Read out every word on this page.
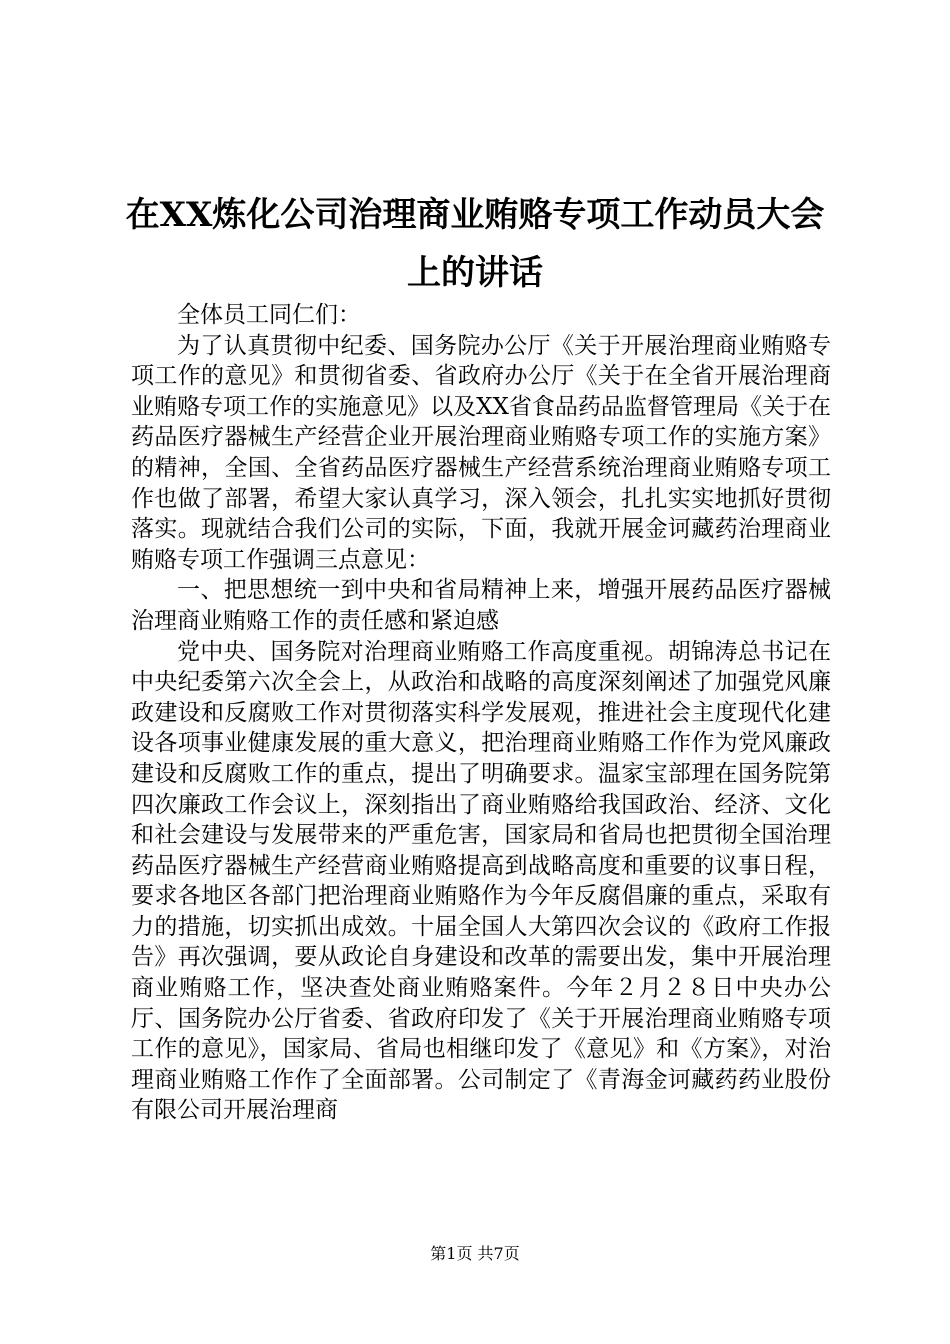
在XX炼化公司治理商业贿赂专项工作动员大会上的讲话

全体员工同仁们：

为了认真贯彻中纪委、国务院办公厅《关于开展治理商业贿赂专项工作的意见》和贯彻省委、省政府办公厅《关于在全省开展治理商业贿赂专项工作的实施意见》以及XX省食品药品监督管理局《关于在药品医疗器械生产经营企业开展治理商业贿赂专项工作的实施方案》的精神，全国、全省药品医疗器械生产经营系统治理商业贿赂专项工作也做了部署，希望大家认真学习，深入领会，扎扎实实地抓好贯彻落实。现就结合我们公司的实际，下面，我就开展金诃藏药治理商业贿赂专项工作强调三点意见：

一、把思想统一到中央和省局精神上来，增强开展药品医疗器械治理商业贿赂工作的责任感和紧迫感

党中央、国务院对治理商业贿赂工作高度重视。胡锦涛总书记在中央纪委第六次全会上，从政治和战略的高度深刻阐述了加强党风廉政建设和反腐败工作对贯彻落实科学发展观，推进社会主度现代化建设各项事业健康发展的重大意义，把治理商业贿赂工作作为党风廉政建设和反腐败工作的重点，提出了明确要求。温家宝部理在国务院第四次廉政工作会议上，深刻指出了商业贿赂给我国政治、经济、文化和社会建设与发展带来的严重危害，国家局和省局也把贯彻全国治理药品医疗器械生产经营商业贿赂提高到战略高度和重要的议事日程，要求各地区各部门把治理商业贿赂作为今年反腐倡廉的重点，采取有力的措施，切实抓出成效。十届全国人大第四次会议的《政府工作报告》再次强调，要从政论自身建设和改革的需要出发，集中开展治理商业贿赂工作，坚决查处商业贿赂案件。今年２月２８日中央办公厅、国务院办公厅省委、省政府印发了《关于开展治理商业贿赂专项工作的意见》，国家局、省局也相继印发了《意见》和《方案》，对治理商业贿赂工作作了全面部署。公司制定了《青海金诃藏药药业股份有限公司开展治理商

第1页 共7页
